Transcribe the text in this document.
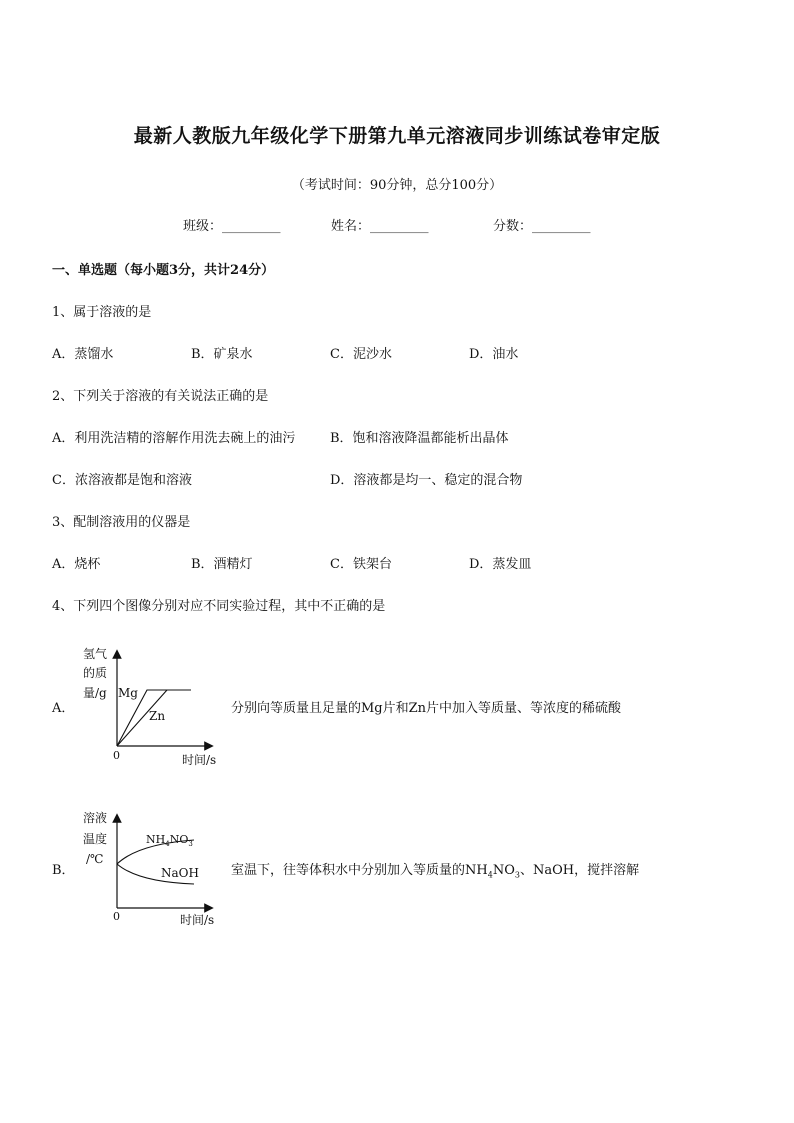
最新人教版九年级化学下册第九单元溶液同步训练试卷审定版
（考试时间：90分钟，总分100分）
班级：_________	姓名：_________	分数：_________
一、单选题（每小题3分，共计24分）
1、属于溶液的是
A．蒸馏水	B．矿泉水	C．泥沙水	D．油水
2、下列关于溶液的有关说法正确的是
A．利用洗洁精的溶解作用洗去碗上的油污	B．饱和溶液降温都能析出晶体
C．浓溶液都是饱和溶液	D．溶液都是均一、稳定的混合物
3、配制溶液用的仪器是
A．烧杯	B．酒精灯	C．铁架台	D．蒸发皿
4、下列四个图像分别对应不同实验过程，其中不正确的是
A．
氢气
的质
量/g Mg
Zn
0	时间/s
分别向等质量且足量的Mg片和Zn片中加入等质量、等浓度的稀硫酸
B．
溶液
温度
/℃
$NH_4NO_3$
NaOH
0	时间/s
室温下，往等体积水中分别加入等质量的$NH_4NO_3$、NaOH，搅拌溶解
